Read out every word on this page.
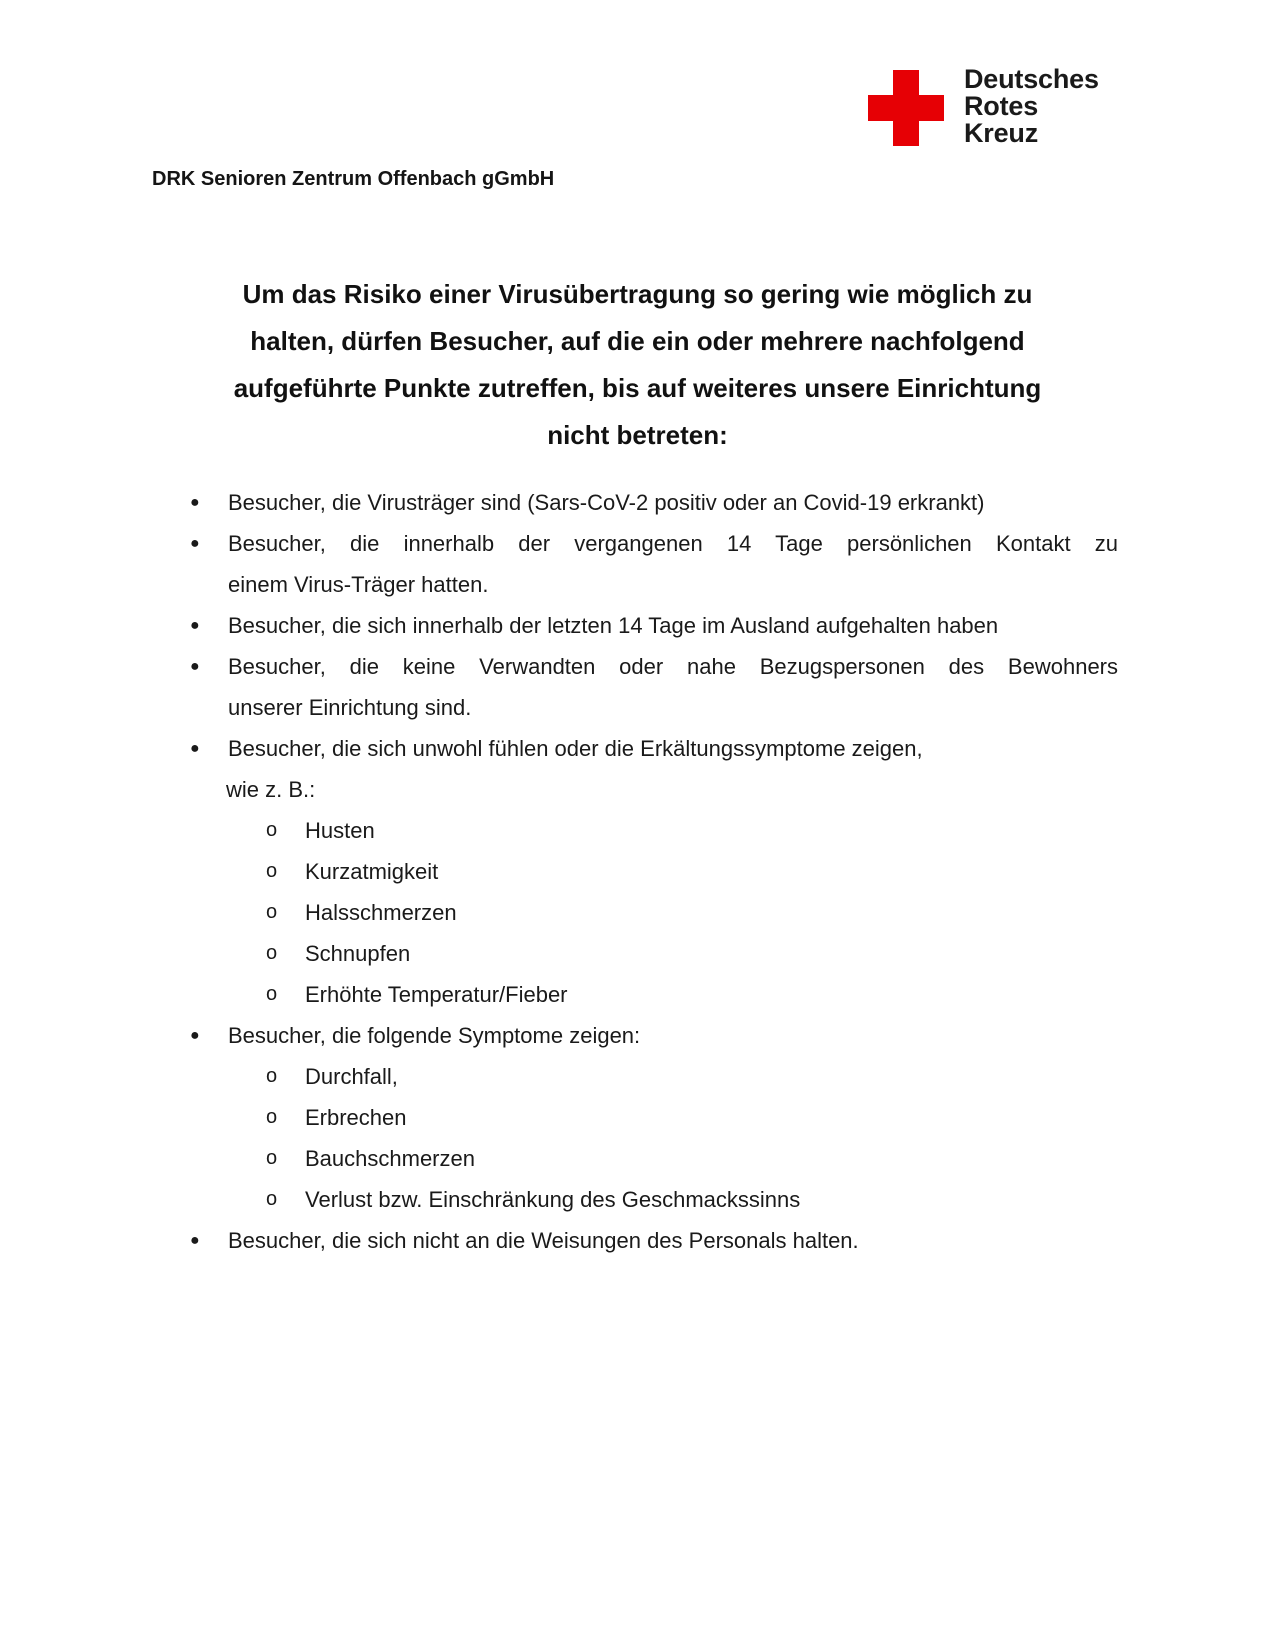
Deutsches
Rotes
Kreuz
DRK Senioren Zentrum Offenbach gGmbH
Um das Risiko einer Virusübertragung so gering wie möglich zu
halten, dürfen Besucher, auf die ein oder mehrere nachfolgend
aufgeführte Punkte zutreffen, bis auf weiteres unsere Einrichtung
nicht betreten:
● Besucher, die Virusträger sind (Sars-CoV-2 positiv oder an Covid-19 erkrankt)
● Besucher, die innerhalb der vergangenen 14 Tage persönlichen Kontakt zu
einem Virus-Träger hatten.
● Besucher, die sich innerhalb der letzten 14 Tage im Ausland aufgehalten haben
● Besucher, die keine Verwandten oder nahe Bezugspersonen des Bewohners
unserer Einrichtung sind.
● Besucher, die sich unwohl fühlen oder die Erkältungssymptome zeigen,
wie z. B.:
o Husten
o Kurzatmigkeit
o Halsschmerzen
o Schnupfen
o Erhöhte Temperatur/Fieber
● Besucher, die folgende Symptome zeigen:
o Durchfall,
o Erbrechen
o Bauchschmerzen
o Verlust bzw. Einschränkung des Geschmackssinns
● Besucher, die sich nicht an die Weisungen des Personals halten.
